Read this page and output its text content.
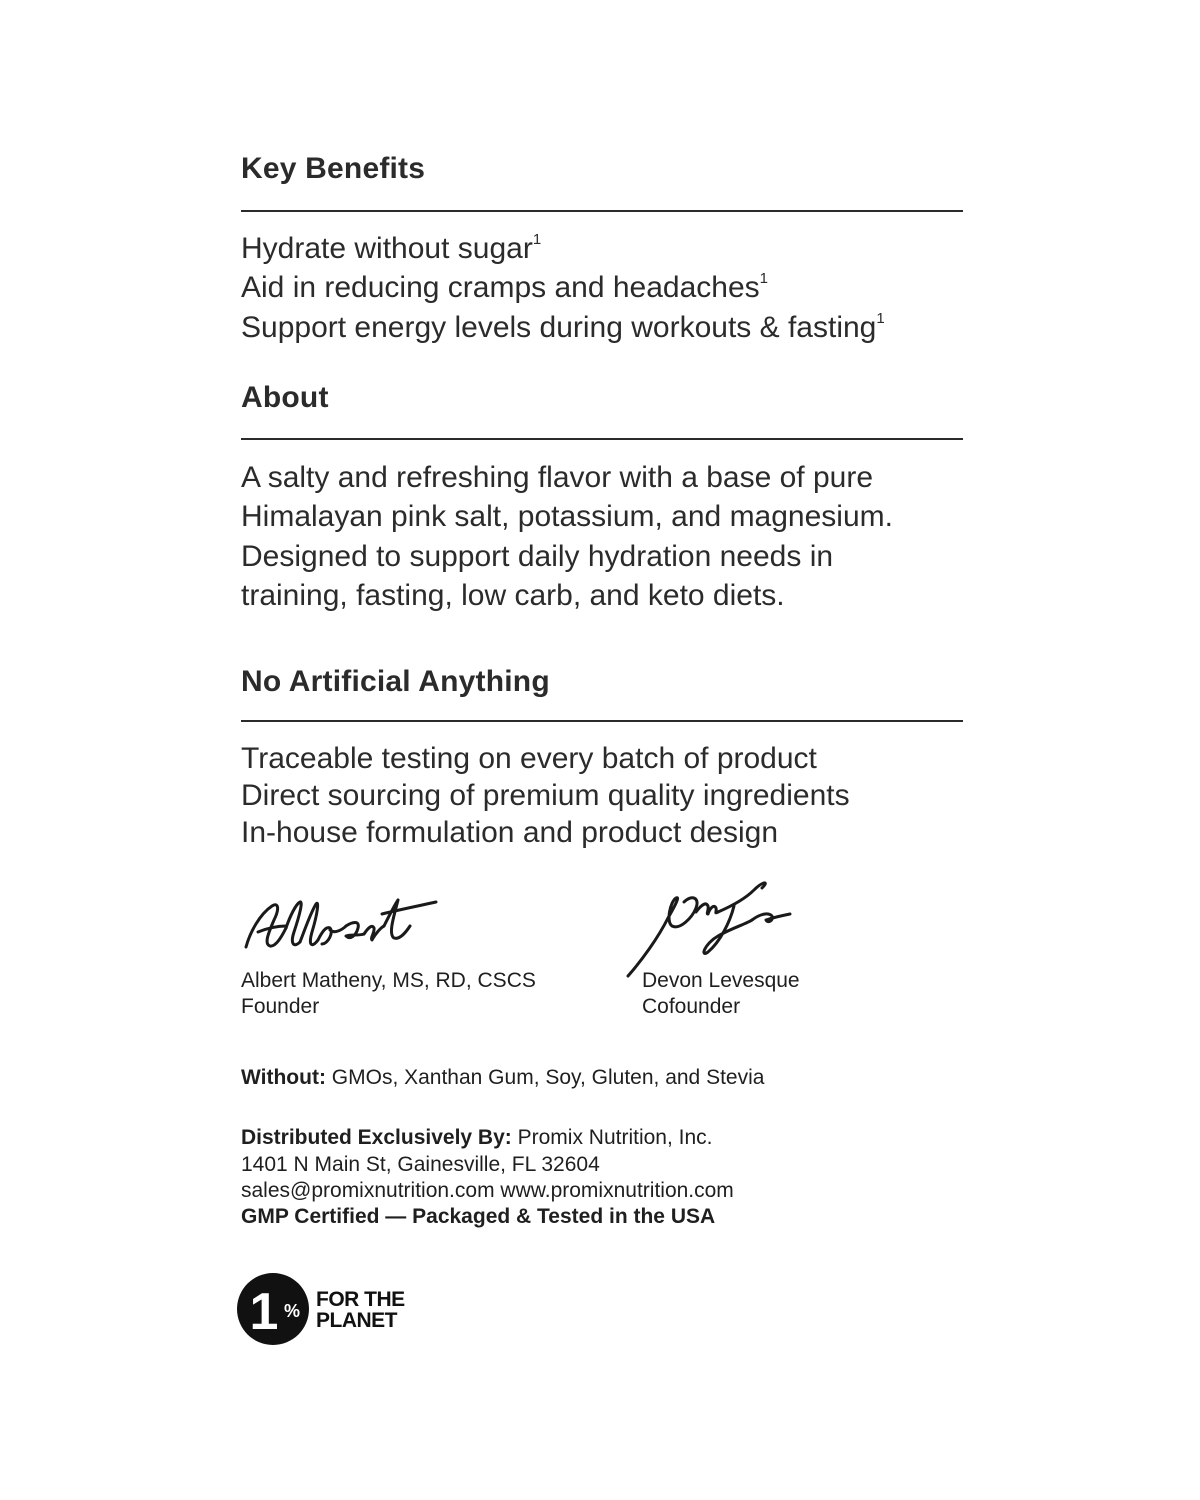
Key Benefits
Hydrate without sugar$^1$
Aid in reducing cramps and headaches$^1$
Support energy levels during workouts & fasting$^1$
About
A salty and refreshing flavor with a base of pure
Himalayan pink salt, potassium, and magnesium.
Designed to support daily hydration needs in
training, fasting, low carb, and keto diets.
No Artificial Anything
Traceable testing on every batch of product
Direct sourcing of premium quality ingredients
In-house formulation and product design
Albert Matheny, MS, RD, CSCS
Founder
Devon Levesque
Cofounder
Without: GMOs, Xanthan Gum, Soy, Gluten, and Stevia
Distributed Exclusively By: Promix Nutrition, Inc.
1401 N Main St, Gainesville, FL 32604
sales@promixnutrition.com www.promixnutrition.com
GMP Certified — Packaged & Tested in the USA
1 % FOR THE
PLANET
